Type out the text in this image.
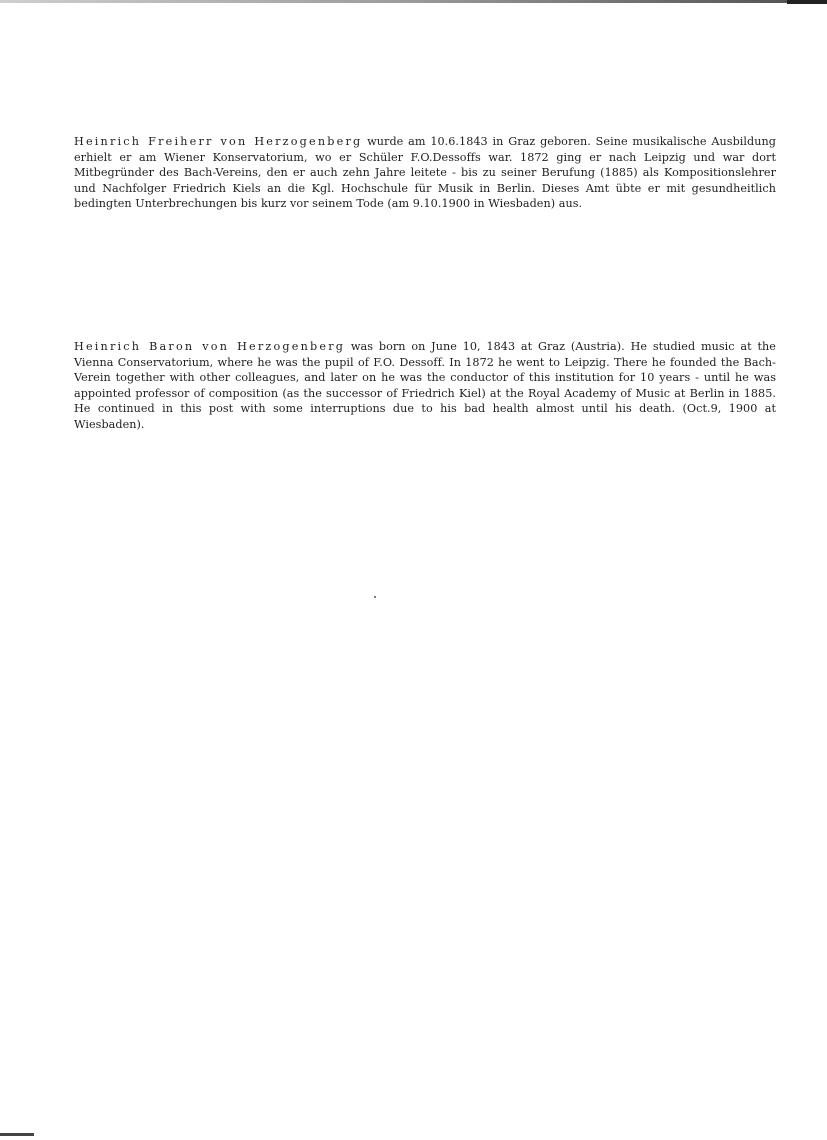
Heinrich Freiherr von Herzogenberg wurde am 10.6.1843 in Graz geboren. Seine musikalische Ausbildung erhielt er am Wiener Konservatorium, wo er Schüler F.O.Dessoffs war. 1872 ging er nach Leipzig und war dort Mitbegründer des Bach-Vereins, den er auch zehn Jahre leitete - bis zu seiner Berufung (1885) als Kompositionslehrer und Nachfolger Friedrich Kiels an die Kgl. Hochschule für Musik in Berlin. Dieses Amt übte er mit gesundheitlich bedingten Unterbrechungen bis kurz vor seinem Tode (am 9.10.1900 in Wiesbaden) aus.

Heinrich Baron von Herzogenberg was born on June 10, 1843 at Graz (Austria). He studied music at the Vienna Conservatorium, where he was the pupil of F.O. Dessoff. In 1872 he went to Leipzig. There he founded the Bach-Verein together with other colleagues, and later on he was the conductor of this institution for 10 years - until he was appointed professor of composition (as the successor of Friedrich Kiel) at the Royal Academy of Music at Berlin in 1885. He continued in this post with some interruptions due to his bad health almost until his death. (Oct.9, 1900 at Wiesbaden).
